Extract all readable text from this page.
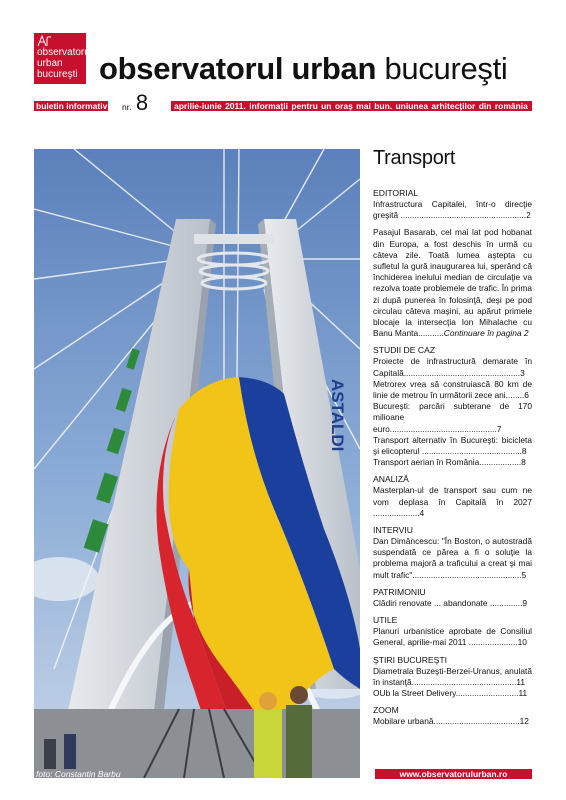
observatorul
urban
bucureşti observatorul urban bucureşti
buletin informativ nr. 8	aprilie-iunie 2011. informaţii pentru un oraş mai bun. uniunea arhitecţilor din românia
ASTALDI
foto: Constantin Barbu
Transport
EDITORIAL
Infrastructura Capitalei, într-o direcţie greşită ......................................................2
Pasajul Basarab, cel mai lat pod hobanat din Europa, a fost deschis în urmă cu câteva zile. Toată lumea aştepta cu sufletul la gură inaugurarea lui, sperând că închiderea inelului median de circulaţie va rezolva toate problemele de trafic. În prima zi după punerea în folosinţă, deşi pe pod circulau câteva maşini, au apărut primele blocaje la intersecţia Ion Mihalache cu Banu Manta...........Continuare în pagina 2
STUDII DE CAZ
Proiecte de infrastructură demarate în Capitală..................................................3
Metrorex vrea să construiască 80 km de linie de metrou în următorii zece ani........6
Bucureşti: parcări subterane de 170 milioane euro..............................................7
Transport alternativ în Bucureşti: bicicleta şi elicopterul ...........................................8
Transport aerian în România..................8
ANALIZĂ
Masterplan-ul de transport sau cum ne vom deplasa în Capitală în 2027 ....................4
INTERVIU
Dan Dimâncescu: "În Boston, o autostradă suspendată ce părea a fi o soluţie la problema majoră a traficului a creat şi mai mult trafic"...............................................5
PATRIMONIU
Clădiri renovate ... abandonate ..............9
UTILE
Planuri urbanistice aprobate de Consiliul General, aprilie-mai 2011 .....................10
ŞTIRI BUCUREŞTI
Diametrala Buzeşti-Berzei-Uranus, anulată în instanţă.............................................11
OUb la Street Delivery...........................11
ZOOM
Mobilare urbană.....................................12
www.observatorulurban.ro
